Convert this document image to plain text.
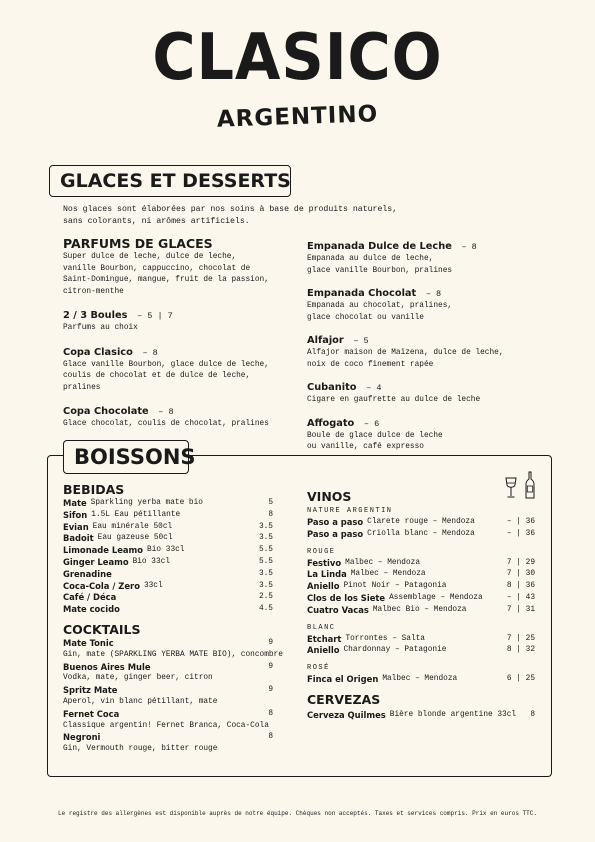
CLASICO
ARGENTINO
GLACES ET DESSERTS
Nos glaces sont élaborées par nos soins à base de produits naturels,
sans colorants, ni arômes artificiels.
PARFUMS DE GLACES
Super dulce de leche, dulce de leche,
vanille Bourbon, cappuccino, chocolat de
Saint-Domingue, mangue, fruit de la passion,
citron-menthe
2 / 3 Boules – 5 | 7
Parfums au choix
Copa Clasico – 8
Glace vanille Bourbon, glace dulce de leche,
coulis de chocolat et de dulce de leche,
pralines
Copa Chocolate – 8
Glace chocolat, coulis de chocolat, pralines
Empanada Dulce de Leche – 8
Empanada au dulce de leche,
glace vanille Bourbon, pralines
Empanada Chocolat – 8
Empanada au chocolat, pralines,
glace chocolat ou vanille
Alfajor – 5
Alfajor maison de Maïzena, dulce de leche,
noix de coco finement rapée
Cubanito – 4
Cigare en gaufrette au dulce de leche
Affogato – 6
Boule de glace dulce de leche
ou vanille, café expresso
BOISSONS
BEBIDAS
Mate Sparkling yerba mate bio	5
Sifon 1.5L Eau pétillante	8
Evian Eau minérale 50cl	3.5
Badoit Eau gazeuse 50cl	3.5
Limonade Leamo Bio 33cl	5.5
Ginger Leamo Bio 33cl	5.5
Grenadine	3.5
Coca-Cola / Zero 33cl	3.5
Café / Déca	2.5
Mate cocido	4.5
COCKTAILS
Mate Tonic	9
Gin, mate (SPARKLING YERBA MATE BIO), concombre
Buenos Aires Mule	9
Vodka, mate, ginger beer, citron
Spritz Mate	9
Aperol, vin blanc pétillant, mate
Fernet Coca	8
Classique argentin! Fernet Branca, Coca-Cola
Negroni	8
Gin, Vermouth rouge, bitter rouge
VINOS
NATURE ARGENTIN
Paso a paso Clarete rouge – Mendoza	– | 36
Paso a paso Criolla blanc – Mendoza	– | 36
ROUGE
Festivo Malbec – Mendoza	7 | 29
La Linda Malbec – Mendoza	7 | 30
Aniello Pinot Noir – Patagonia	8 | 36
Clos de los Siete Assemblage – Mendoza	– | 43
Cuatro Vacas Malbec Bio – Mendoza	7 | 31
BLANC
Etchart Torrontes – Salta	7 | 25
Aniello Chardonnay – Patagonie	8 | 32
ROSÉ
Finca el Origen Malbec – Mendoza	6 | 25
CERVEZAS
Cerveza Quilmes Bière blonde argentine 33cl 8
Le registre des allergènes est disponible auprès de notre équipe. Chèques non acceptés. Taxes et services compris. Prix en euros TTC.
